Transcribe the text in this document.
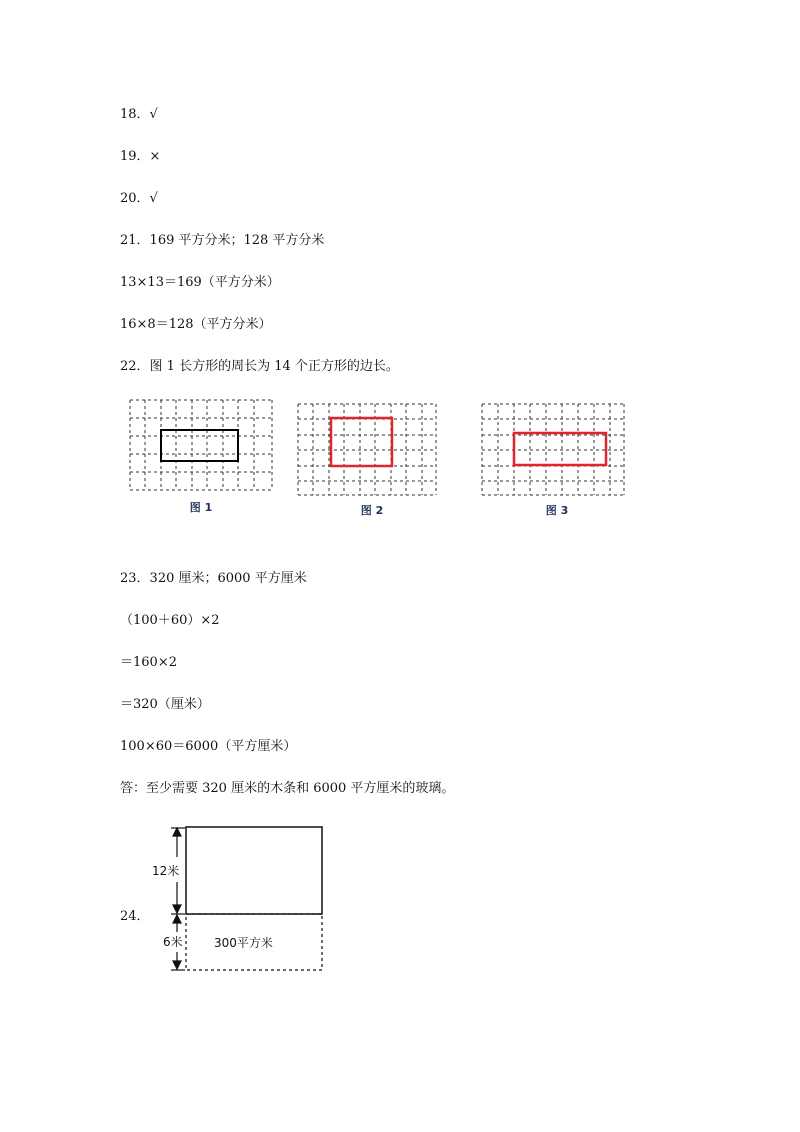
18．√
19．×
20．√
21．169 平方分米；128 平方分米
13×13＝169（平方分米）
16×8＝128（平方分米）
22．图 1 长方形的周长为 14 个正方形的边长。
图 1	图 2	图 3
23．320 厘米；6000 平方厘米
（100＋60）×2
＝160×2
＝320（厘米）
100×60＝6000（平方厘米）
答：至少需要 320 厘米的木条和 6000 平方厘米的玻璃。
24．
12米
6米	300平方米
